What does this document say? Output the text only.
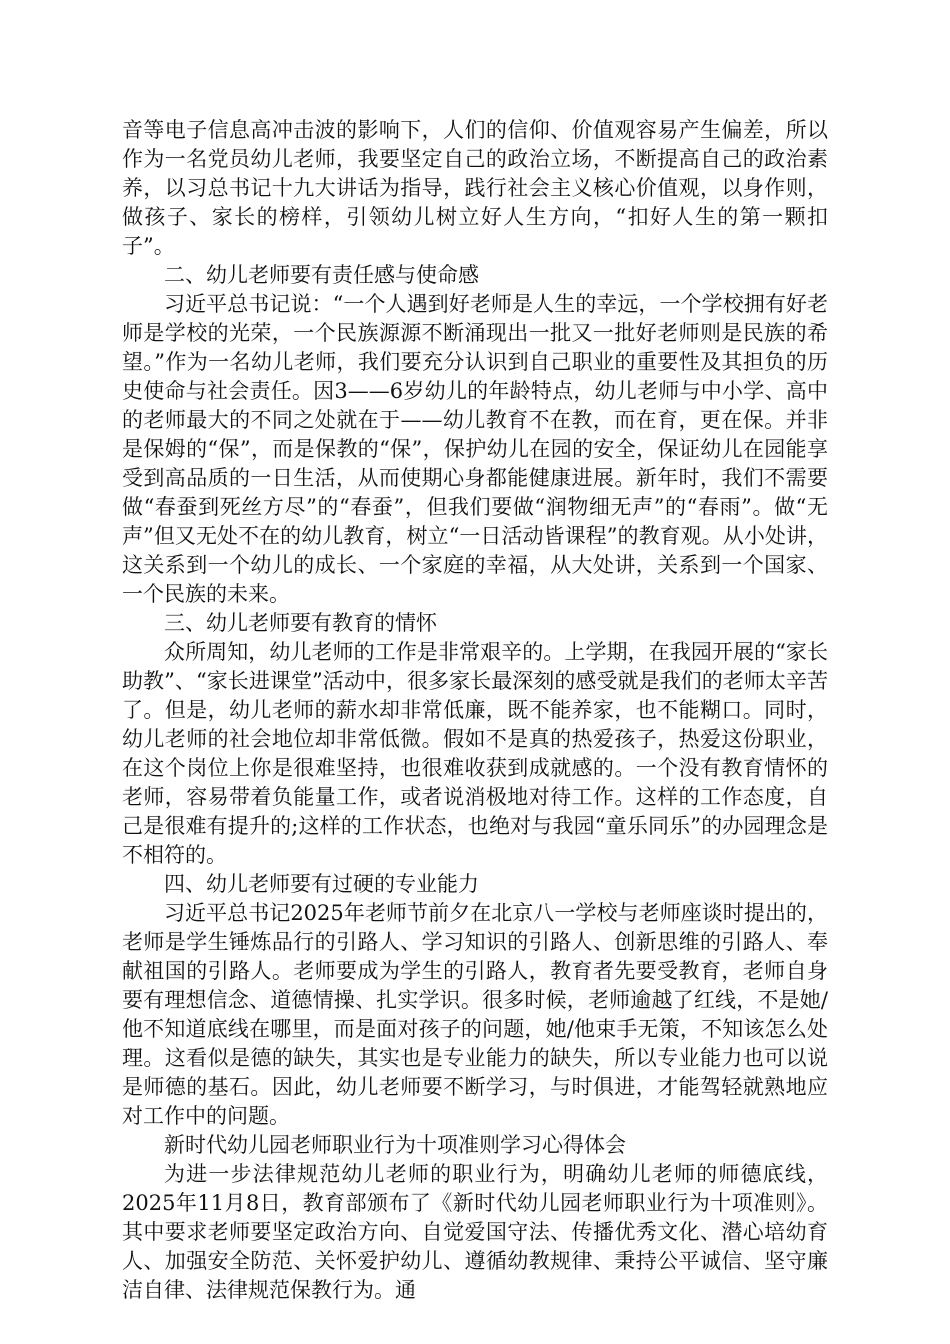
音等电子信息高冲击波的影响下，人们的信仰、价值观容易产生偏差，所以作为一名党员幼儿老师，我要坚定自己的政治立场，不断提高自己的政治素养，以习总书记十九大讲话为指导，践行社会主义核心价值观，以身作则，做孩子、家长的榜样，引领幼儿树立好人生方向，“扣好人生的第一颗扣子”。

二、幼儿老师要有责任感与使命感

习近平总书记说：“一个人遇到好老师是人生的幸远，一个学校拥有好老师是学校的光荣，一个民族源源不断涌现出一批又一批好老师则是民族的希望。”作为一名幼儿老师，我们要充分认识到自己职业的重要性及其担负的历史使命与社会责任。因3——6岁幼儿的年龄特点，幼儿老师与中小学、高中的老师最大的不同之处就在于——幼儿教育不在教，而在育，更在保。并非是保姆的“保”，而是保教的“保”，保护幼儿在园的安全，保证幼儿在园能享受到高品质的一日生活，从而使期心身都能健康进展。新年时，我们不需要做“春蚕到死丝方尽”的“春蚕”，但我们要做“润物细无声”的“春雨”。做“无声”但又无处不在的幼儿教育，树立“一日活动皆课程”的教育观。从小处讲，这关系到一个幼儿的成长、一个家庭的幸福，从大处讲，关系到一个国家、一个民族的未来。

三、幼儿老师要有教育的情怀

众所周知，幼儿老师的工作是非常艰辛的。上学期，在我园开展的“家长助教”、“家长进课堂”活动中，很多家长最深刻的感受就是我们的老师太辛苦了。但是，幼儿老师的薪水却非常低廉，既不能养家，也不能糊口。同时，幼儿老师的社会地位却非常低微。假如不是真的热爱孩子，热爱这份职业，在这个岗位上你是很难坚持，也很难收获到成就感的。一个没有教育情怀的老师，容易带着负能量工作，或者说消极地对待工作。这样的工作态度，自己是很难有提升的;这样的工作状态，也绝对与我园“童乐同乐”的办园理念是不相符的。

四、幼儿老师要有过硬的专业能力

习近平总书记2025年老师节前夕在北京八一学校与老师座谈时提出的，老师是学生锤炼品行的引路人、学习知识的引路人、创新思维的引路人、奉献祖国的引路人。老师要成为学生的引路人，教育者先要受教育，老师自身要有理想信念、道德情操、扎实学识。很多时候，老师逾越了红线，不是她/他不知道底线在哪里，而是面对孩子的问题，她/他束手无策，不知该怎么处理。这看似是德的缺失，其实也是专业能力的缺失，所以专业能力也可以说是师德的基石。因此，幼儿老师要不断学习，与时俱进，才能驾轻就熟地应对工作中的问题。

新时代幼儿园老师职业行为十项准则学习心得体会

为进一步法律规范幼儿老师的职业行为，明确幼儿老师的师德底线，2025年11月8日，教育部颁布了《新时代幼儿园老师职业行为十项准则》。其中要求老师要坚定政治方向、自觉爱国守法、传播优秀文化、潜心培幼育人、加强安全防范、关怀爱护幼儿、遵循幼教规律、秉持公平诚信、坚守廉洁自律、法律规范保教行为。通
